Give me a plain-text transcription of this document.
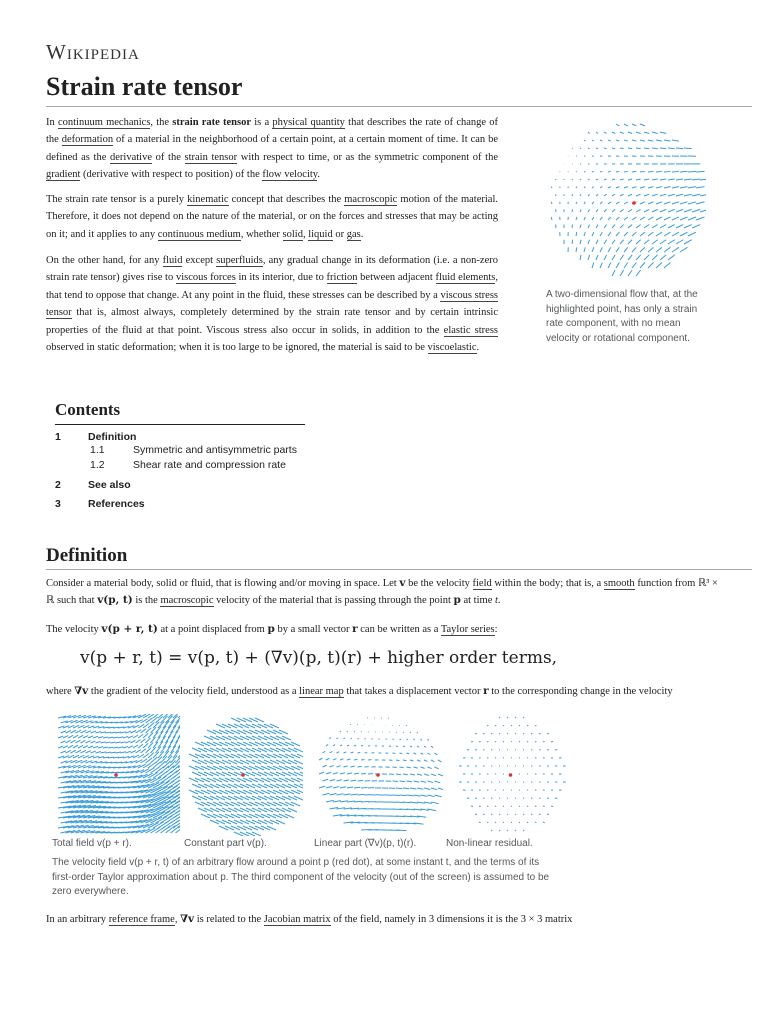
Wikipedia
Strain rate tensor

In continuum mechanics, the strain rate tensor is a physical quantity that describes the rate of change of the deformation of a material in the neighborhood of a certain point, at a certain moment of time. It can be defined as the derivative of the strain tensor with respect to time, or as the symmetric component of the gradient (derivative with respect to position) of the flow velocity.

The strain rate tensor is a purely kinematic concept that describes the macroscopic motion of the material. Therefore, it does not depend on the nature of the material, or on the forces and stresses that may be acting on it; and it applies to any continuous medium, whether solid, liquid or gas.

On the other hand, for any fluid except superfluids, any gradual change in its deformation (i.e. a non-zero strain rate tensor) gives rise to viscous forces in its interior, due to friction between adjacent fluid elements, that tend to oppose that change. At any point in the fluid, these stresses can be described by a viscous stress tensor that is, almost always, completely determined by the strain rate tensor and by certain intrinsic properties of the fluid at that point. Viscous stress also occur in solids, in addition to the elastic stress observed in static deformation; when it is too large to be ignored, the material is said to be viscoelastic.

A two-dimensional flow that, at the highlighted point, has only a strain rate component, with no mean velocity or rotational component.
Contents
1	Definition
1.1	Symmetric and antisymmetric parts
1.2	Shear rate and compression rate
2	See also
3	References
Definition

Consider a material body, solid or fluid, that is flowing and/or moving in space. Let v be the velocity field within the body; that is, a smooth function from ℝ³ × ℝ such that v(p, t) is the macroscopic velocity of the material that is passing through the point p at time t.

The velocity v(p + r, t) at a point displaced from p by a small vector r can be written as a Taylor series:

v(p + r, t) = v(p, t) + (∇v)(p, t)(r) + higher order terms,

where ∇v the gradient of the velocity field, understood as a linear map that takes a displacement vector r to the corresponding change in the velocity

Total field v(p + r).	Constant part v(p).	Linear part (∇v)(p, t)(r).	Non-linear residual.
The velocity field v(p + r, t) of an arbitrary flow around a point p (red dot), at some instant t, and the terms of its first-order Taylor approximation about p. The third component of the velocity (out of the screen) is assumed to be zero everywhere.

In an arbitrary reference frame, ∇v is related to the Jacobian matrix of the field, namely in 3 dimensions it is the 3 × 3 matrix
